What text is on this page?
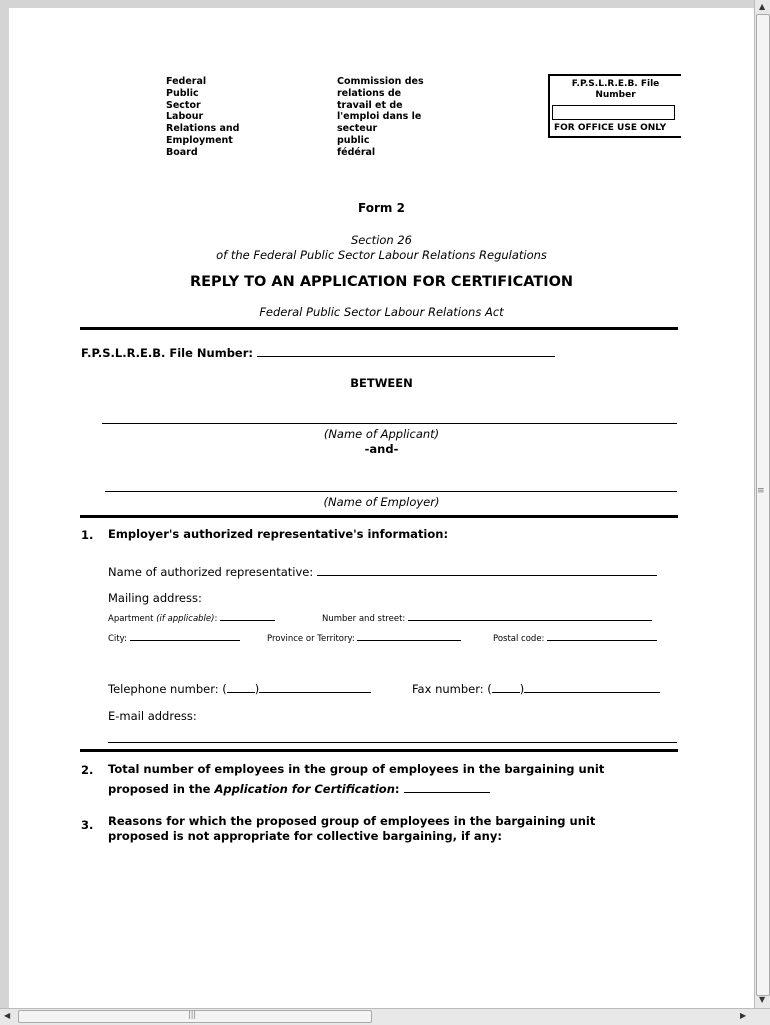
Federal
Public
Sector
Labour
Relations and
Employment
Board
Commission des
relations de
travail et de
l'emploi dans le
secteur
public
fédéral
F.P.S.L.R.E.B. File
Number
FOR OFFICE USE ONLY
Form 2
Section 26
of the Federal Public Sector Labour Relations Regulations
REPLY TO AN APPLICATION FOR CERTIFICATION
Federal Public Sector Labour Relations Act
F.P.S.L.R.E.B. File Number:
BETWEEN
(Name of Applicant)
-and-
(Name of Employer)
1. Employer's authorized representative's information:
Name of authorized representative:
Mailing address:
Apartment (if applicable):	Number and street:
City:	Province or Territory:	Postal code:
Telephone number: ( )	Fax number: ( )
E-mail address:
2. Total number of employees in the group of employees in the bargaining unit
proposed in the Application for Certification:
3. Reasons for which the proposed group of employees in the bargaining unit
proposed is not appropriate for collective bargaining, if any:
▲
≡
▼
◀	|||	▶
